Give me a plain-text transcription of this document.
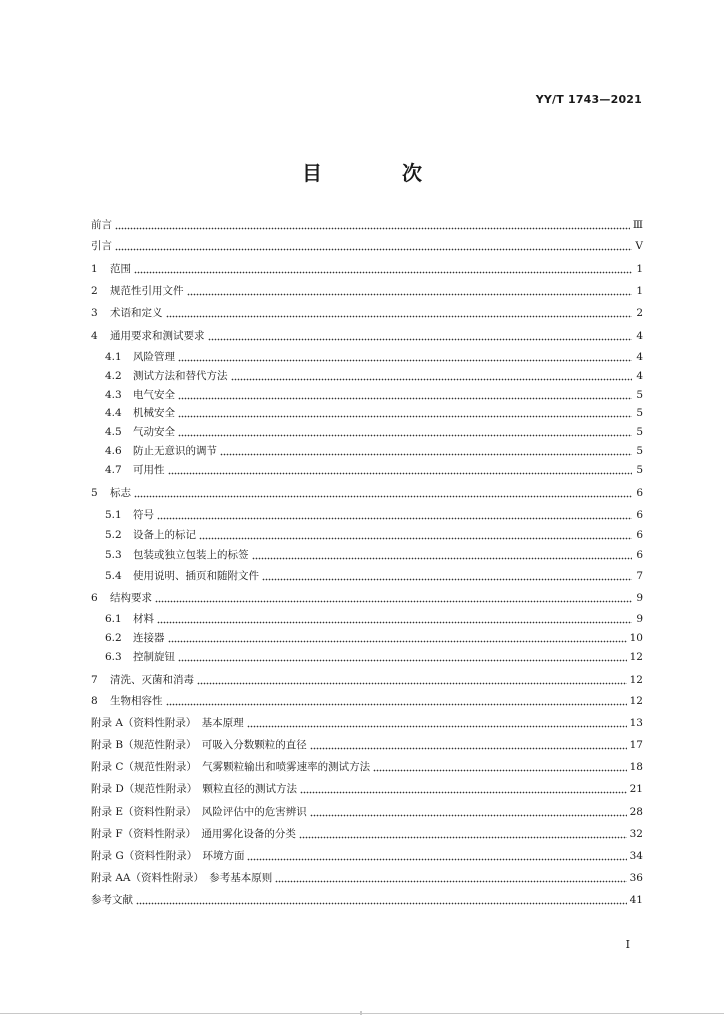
YY/T 1743—2021
目　次
前言	Ⅲ
引言	Ⅴ
1 范围	1
2 规范性引用文件	1
3 术语和定义	2
4 通用要求和测试要求	4
4.1 风险管理	4
4.2 测试方法和替代方法	4
4.3 电气安全	5
4.4 机械安全	5
4.5 气动安全	5
4.6 防止无意识的调节	5
4.7 可用性	5
5 标志	6
5.1 符号	6
5.2 设备上的标记	6
5.3 包装或独立包装上的标签	6
5.4 使用说明、插页和随附文件	7
6 结构要求	9
6.1 材料	9
6.2 连接器	10
6.3 控制旋钮	12
7 清洗、灭菌和消毒	12
8 生物相容性	12
附录 A（资料性附录）　基本原理	13
附录 B（规范性附录）　可吸入分数颗粒的直径	17
附录 C（规范性附录）　气雾颗粒输出和喷雾速率的测试方法	18
附录 D（规范性附录）　颗粒直径的测试方法	21
附录 E（资料性附录）　风险评估中的危害辨识	28
附录 F（资料性附录）　通用雾化设备的分类	32
附录 G（资料性附录）　环境方面	34
附录 AA（资料性附录）　参考基本原则	36
参考文献	41
Ⅰ
